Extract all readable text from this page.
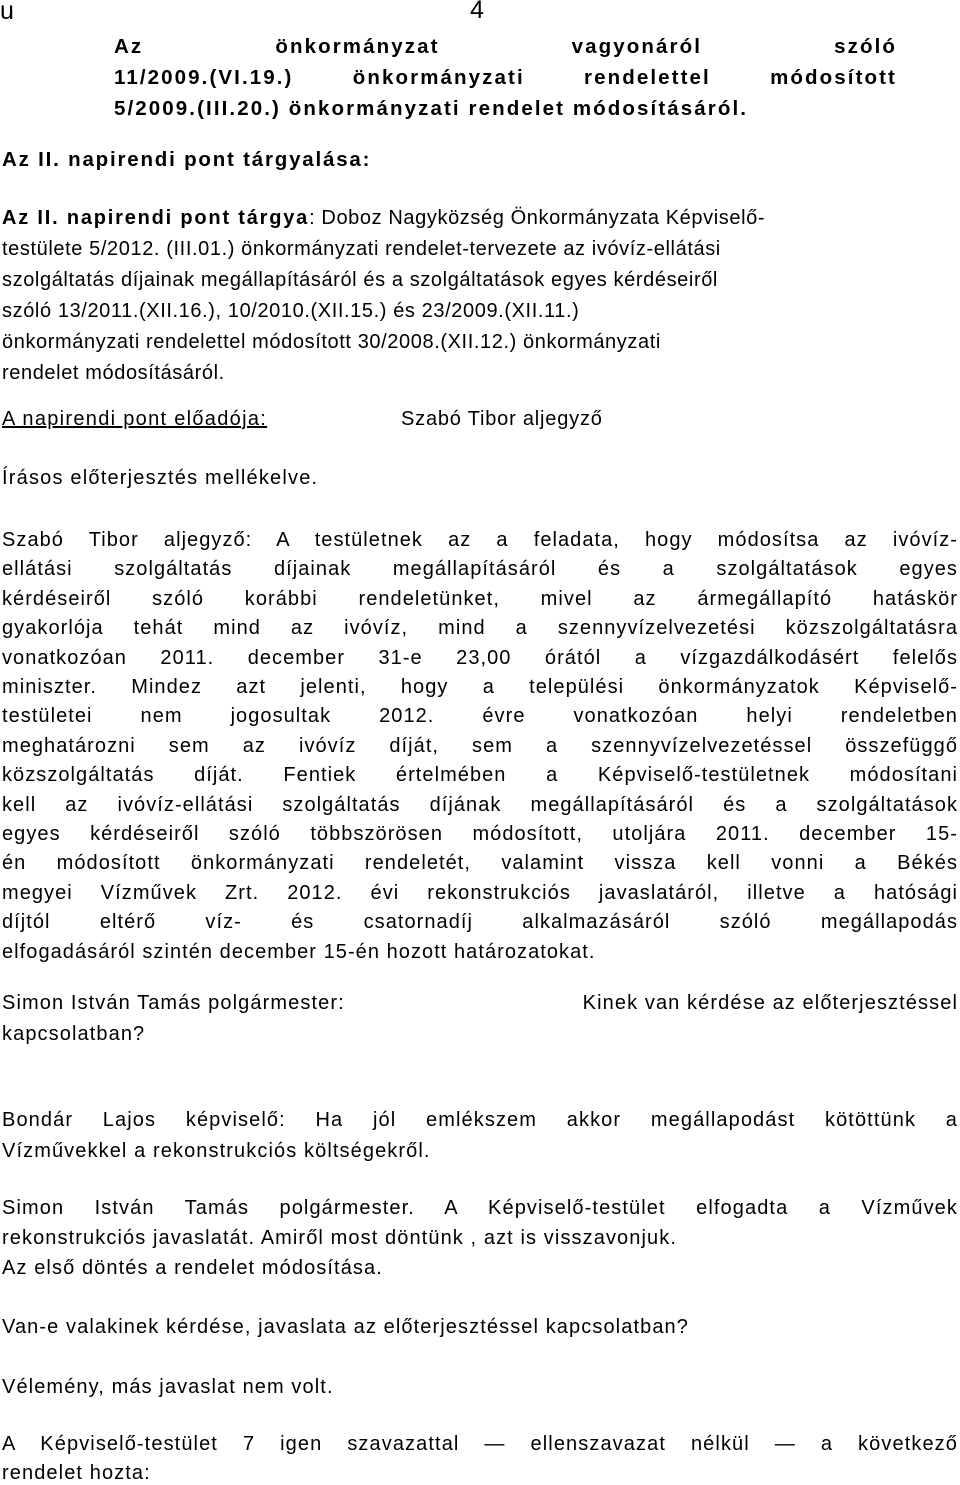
u	4
Az önkormányzat vagyonáról szóló
11/2009.(VI.19.) önkormányzati rendelettel módosított
5/2009.(III.20.) önkormányzati rendelet módosításáról.
Az II. napirendi pont tárgyalása:
Az II. napirendi pont tárgya: Doboz Nagyközség Önkormányzata Képviselő-
testülete 5/2012. (III.01.) önkormányzati rendelet-tervezete az ivóvíz-ellátási
szolgáltatás díjainak megállapításáról és a szolgáltatások egyes kérdéseiről
szóló 13/2011.(XII.16.), 10/2010.(XII.15.) és 23/2009.(XII.11.)
önkormányzati rendelettel módosított 30/2008.(XII.12.) önkormányzati
rendelet módosításáról.
A napirendi pont előadója:	Szabó Tibor aljegyző
Írásos előterjesztés mellékelve.
Szabó Tibor aljegyző: A testületnek az a feladata, hogy módosítsa az ivóvíz-
ellátási szolgáltatás díjainak megállapításáról és a szolgáltatások egyes
kérdéseiről szóló korábbi rendeletünket, mivel az ármegállapító hatáskör
gyakorlója tehát mind az ivóvíz, mind a szennyvízelvezetési közszolgáltatásra
vonatkozóan 2011. december 31-e 23,00 órától a vízgazdálkodásért felelős
miniszter. Mindez azt jelenti, hogy a települési önkormányzatok Képviselő-
testületei nem jogosultak 2012. évre vonatkozóan helyi rendeletben
meghatározni sem az ivóvíz díját, sem a szennyvízelvezetéssel összefüggő
közszolgáltatás díját. Fentiek értelmében a Képviselő-testületnek módosítani
kell az ivóvíz-ellátási szolgáltatás díjának megállapításáról és a szolgáltatások
egyes kérdéseiről szóló többszörösen módosított, utoljára 2011. december 15-
én módosított önkormányzati rendeletét, valamint vissza kell vonni a Békés
megyei Vízművek Zrt. 2012. évi rekonstrukciós javaslatáról, illetve a hatósági
díjtól eltérő víz- és csatornadíj alkalmazásáról szóló megállapodás
elfogadásáról szintén december 15-én hozott határozatokat.
Simon István Tamás polgármester:	Kinek van kérdése az előterjesztéssel
kapcsolatban?
Bondár Lajos képviselő: Ha jól emlékszem akkor megállapodást kötöttünk a
Vízművekkel a rekonstrukciós költségekről.
Simon István Tamás polgármester. A Képviselő-testület elfogadta a Vízművek
rekonstrukciós javaslatát. Amiről most döntünk , azt is visszavonjuk.
Az első döntés a rendelet módosítása.
Van-e valakinek kérdése, javaslata az előterjesztéssel kapcsolatban?
Vélemény, más javaslat nem volt.
A Képviselő-testület 7 igen szavazattal — ellenszavazat nélkül — a következő
rendelet hozta:
